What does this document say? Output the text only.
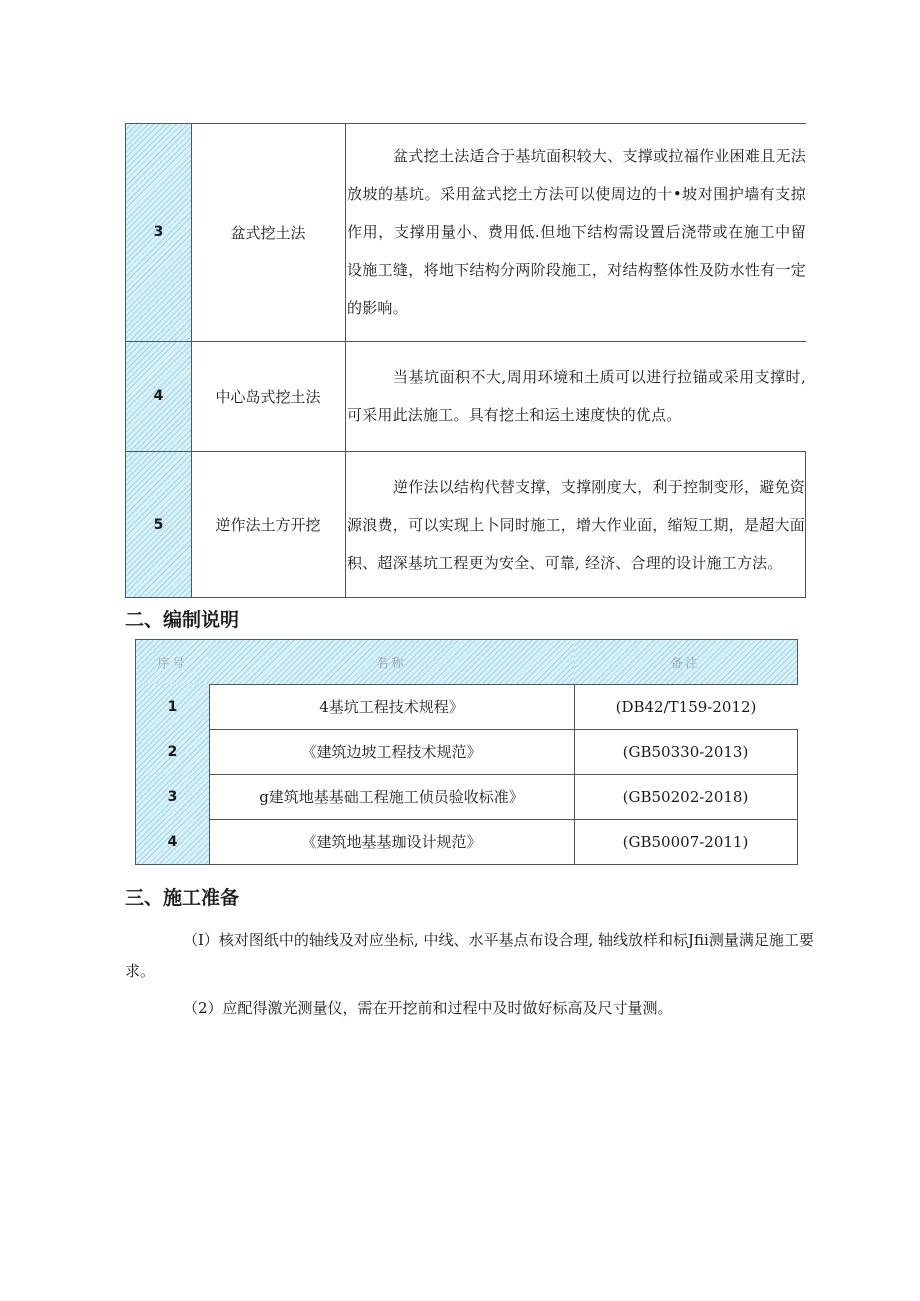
3	盆式挖土法

盆式挖土法适合于基坑面积较大、支撑或拉福作业困难且无法放坡的基坑。采用盆式挖土方法可以使周边的十•坡对围护墙有支掠作用，支撑用量小、费用低.但地下结构需设置后浇带或在施工中留设施工缝，将地下结构分两阶段施工，对结构整体性及防水性有一定的影响。

4	中心岛式挖土法

当基坑面积不大,周用环境和土质可以进行拉锚或采用支撑时,可采用此法施工。具有挖土和运土速度快的优点。

5	逆作法土方开挖

逆作法以结构代替支撑，支撑刚度大，利于控制变形，避免资源浪费，可以实现上卜同时施工，增大作业面，缩短工期，是超大面积、超深基坑工程更为安全、可靠, 经济、合理的设计施工方法。

二、编制说明
序号	名称	备注
1	4基坑工程技术规程》	(DB42/T159-2012)
2	《建筑边坡工程技术规范》	(GB50330-2013)
3	g建筑地基基础工程施工侦员验收标准》	(GB50202-2018)
4	《建筑地基基珈设计规范》	(GB50007-2011)
三、施工准备

（I）核对图纸中的轴线及对应坐标, 中线、水平基点布设合理, 轴线放样和标Jfii测量满足施工要求。

（2）应配得激光测量仪，需在开挖前和过程中及时做好标高及尺寸量测。
